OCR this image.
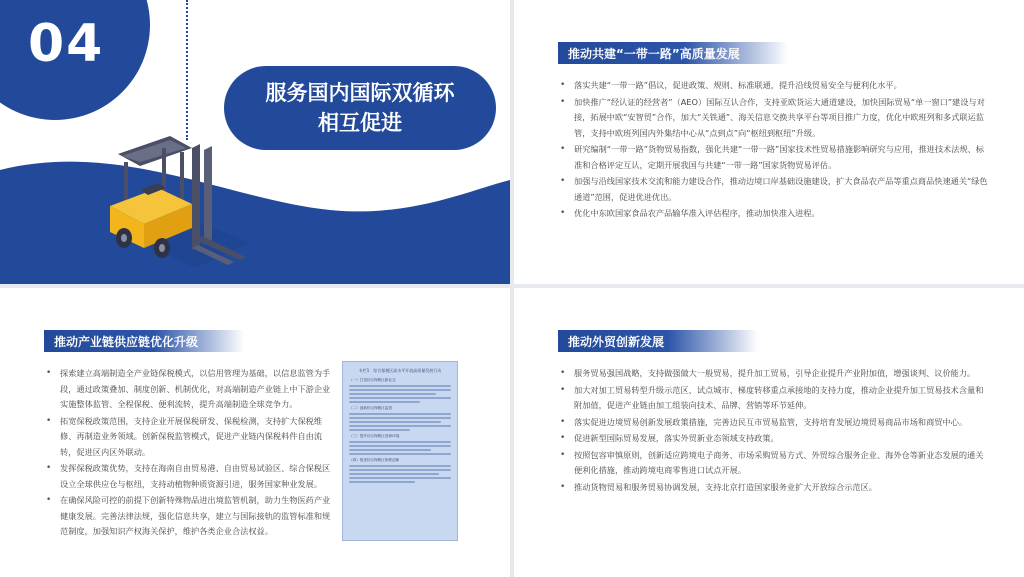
04
服务国内国际双循环
相互促进
推动共建“一带一路”高质量发展
• 落实共建“一带一路”倡议，促进政策、规则、标准联通，提升沿线贸易安全与便利化水平。
• 加快推广“经认证的经营者”（AEO）国际互认合作，支持亚欧货运大通道建设，加快国际贸易“单一窗口”建设与对接，拓展中欧“安智贸”合作，加大“关铁通”、海关信息交换共享平台等项目推广力度，优化中欧班列和多式联运监管，支持中欧班列国内外集结中心从“点到点”向“枢纽到枢纽”升级。
• 研究编制“一带一路”货物贸易指数，强化共建“一带一路”国家技术性贸易措施影响研究与应用，推进技术法规、标准和合格评定互认，定期开展我国与共建“一带一路”国家货物贸易评估。
• 加强与沿线国家技术交流和能力建设合作，推动边境口岸基础设施建设，扩大食品农产品等重点商品快速通关“绿色通道”范围，促进优进优出。
• 优化中东欧国家食品农产品输华准入评估程序，推动加快准入进程。
推动产业链供应链优化升级
• 探索建立高端制造全产业链保税模式，以信用管理为基础，以信息监管为手段，通过政策叠加、制度创新、机制优化，对高端制造产业链上中下游企业实施整体监管、全程保税、便利流转，提升高端制造全球竞争力。
• 拓宽保税政策范围，支持企业开展保税研发、保税检测，支持扩大保税维修、再制造业务领域。创新保税监管模式，促进产业链内保税料件自由流转，促进区内区外联动。
• 发挥保税政策优势，支持在海南自由贸易港、自由贸易试验区、综合保税区设立全球供应仓与枢纽，支持动植物种质资源引进，服务国家种业发展。
• 在确保风险可控的前提下创新特殊物品进出境监管机制，助力生物医药产业健康发展。完善法律法规，强化信息共享，建立与国际接轨的监管标准和规范制度，加强知识产权海关保护，维护各类企业合法权益。
专栏1　综合保税区高水平开放高质量发展行动
（一）打造综合保税区新业态
（二）创新综合保税区监管
（三）提升综合保税区营商环境
（四）推进综合保税区制度创新
推动外贸创新发展
• 服务贸易强国战略，支持做强做大一般贸易，提升加工贸易，引导企业提升产业附加值，增强谈判、议价能力。
• 加大对加工贸易转型升级示范区、试点城市、梯度转移重点承接地的支持力度，推动企业提升加工贸易技术含量和附加值，促进产业链由加工组装向技术、品牌、营销等环节延伸。
• 落实促进边境贸易创新发展政策措施，完善边民互市贸易监管，支持培育发展边境贸易商品市场和商贸中心。
• 促进新型国际贸易发展，落实外贸新业态领域支持政策。
• 按照包容审慎原则，创新适应跨境电子商务、市场采购贸易方式、外贸综合服务企业、海外仓等新业态发展的通关便利化措施，推动跨境电商零售进口试点开展。
• 推动货物贸易和服务贸易协调发展，支持北京打造国家服务业扩大开放综合示范区。
